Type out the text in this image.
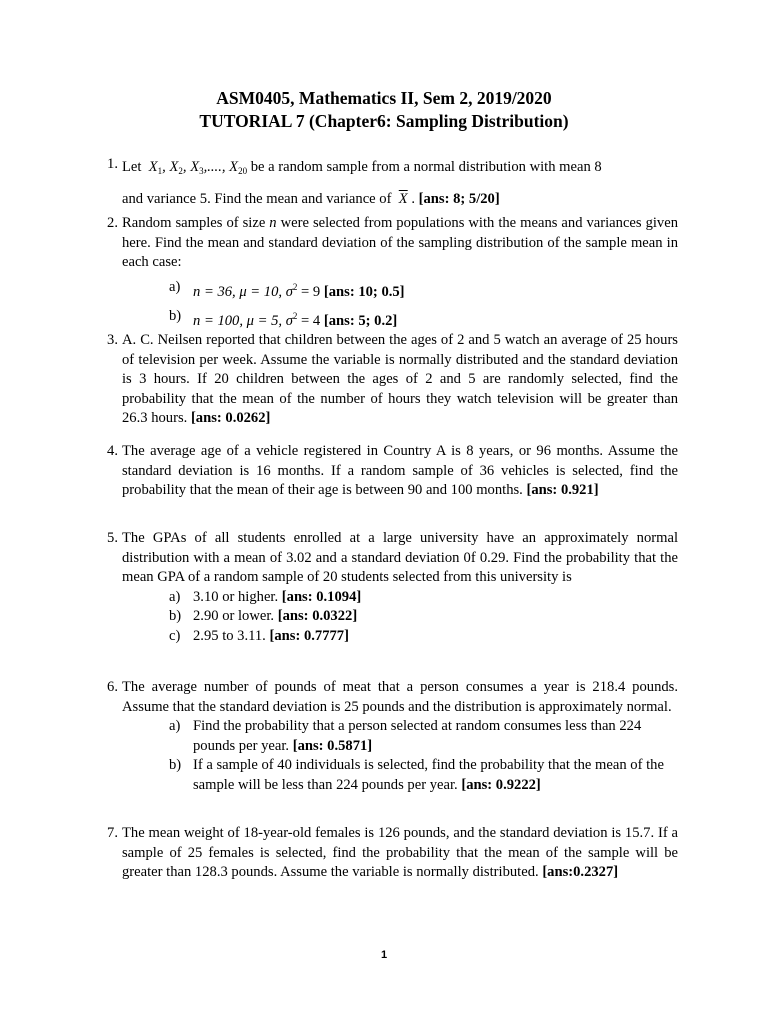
ASM0405, Mathematics II, Sem 2, 2019/2020
TUTORIAL 7 (Chapter6: Sampling Distribution)
1. Let $X_1$, $X_2$, $X_3$,...., $X_{20}$ be a random sample from a normal distribution with mean 8
and variance 5. Find the mean and variance of $\overline{X}$ . [ans: 8; 5/20]
2. Random samples of size n were selected from populations with the means and variances given here. Find the mean and standard deviation of the sampling distribution of the sample mean in each case:
a) n = 36, μ = 10, $\sigma^2 = 9$ [ans: 10; 0.5]
b) n = 100, μ = 5, $\sigma^2 = 4$ [ans: 5; 0.2]
3. A. C. Neilsen reported that children between the ages of 2 and 5 watch an average of 25 hours of television per week. Assume the variable is normally distributed and the standard deviation is 3 hours. If 20 children between the ages of 2 and 5 are randomly selected, find the probability that the mean of the number of hours they watch television will be greater than 26.3 hours. [ans: 0.0262]
4. The average age of a vehicle registered in Country A is 8 years, or 96 months. Assume the standard deviation is 16 months. If a random sample of 36 vehicles is selected, find the probability that the mean of their age is between 90 and 100 months. [ans: 0.921]
5. The GPAs of all students enrolled at a large university have an approximately normal distribution with a mean of 3.02 and a standard deviation 0f 0.29. Find the probability that the mean GPA of a random sample of 20 students selected from this university is
a) 3.10 or higher. [ans: 0.1094]
b) 2.90 or lower. [ans: 0.0322]
c) 2.95 to 3.11. [ans: 0.7777]
6. The average number of pounds of meat that a person consumes a year is 218.4 pounds. Assume that the standard deviation is 25 pounds and the distribution is approximately normal.
a) Find the probability that a person selected at random consumes less than 224 pounds per year. [ans: 0.5871]
b) If a sample of 40 individuals is selected, find the probability that the mean of the sample will be less than 224 pounds per year. [ans: 0.9222]
7. The mean weight of 18-year-old females is 126 pounds, and the standard deviation is 15.7. If a sample of 25 females is selected, find the probability that the mean of the sample will be greater than 128.3 pounds. Assume the variable is normally distributed. [ans:0.2327]
1
